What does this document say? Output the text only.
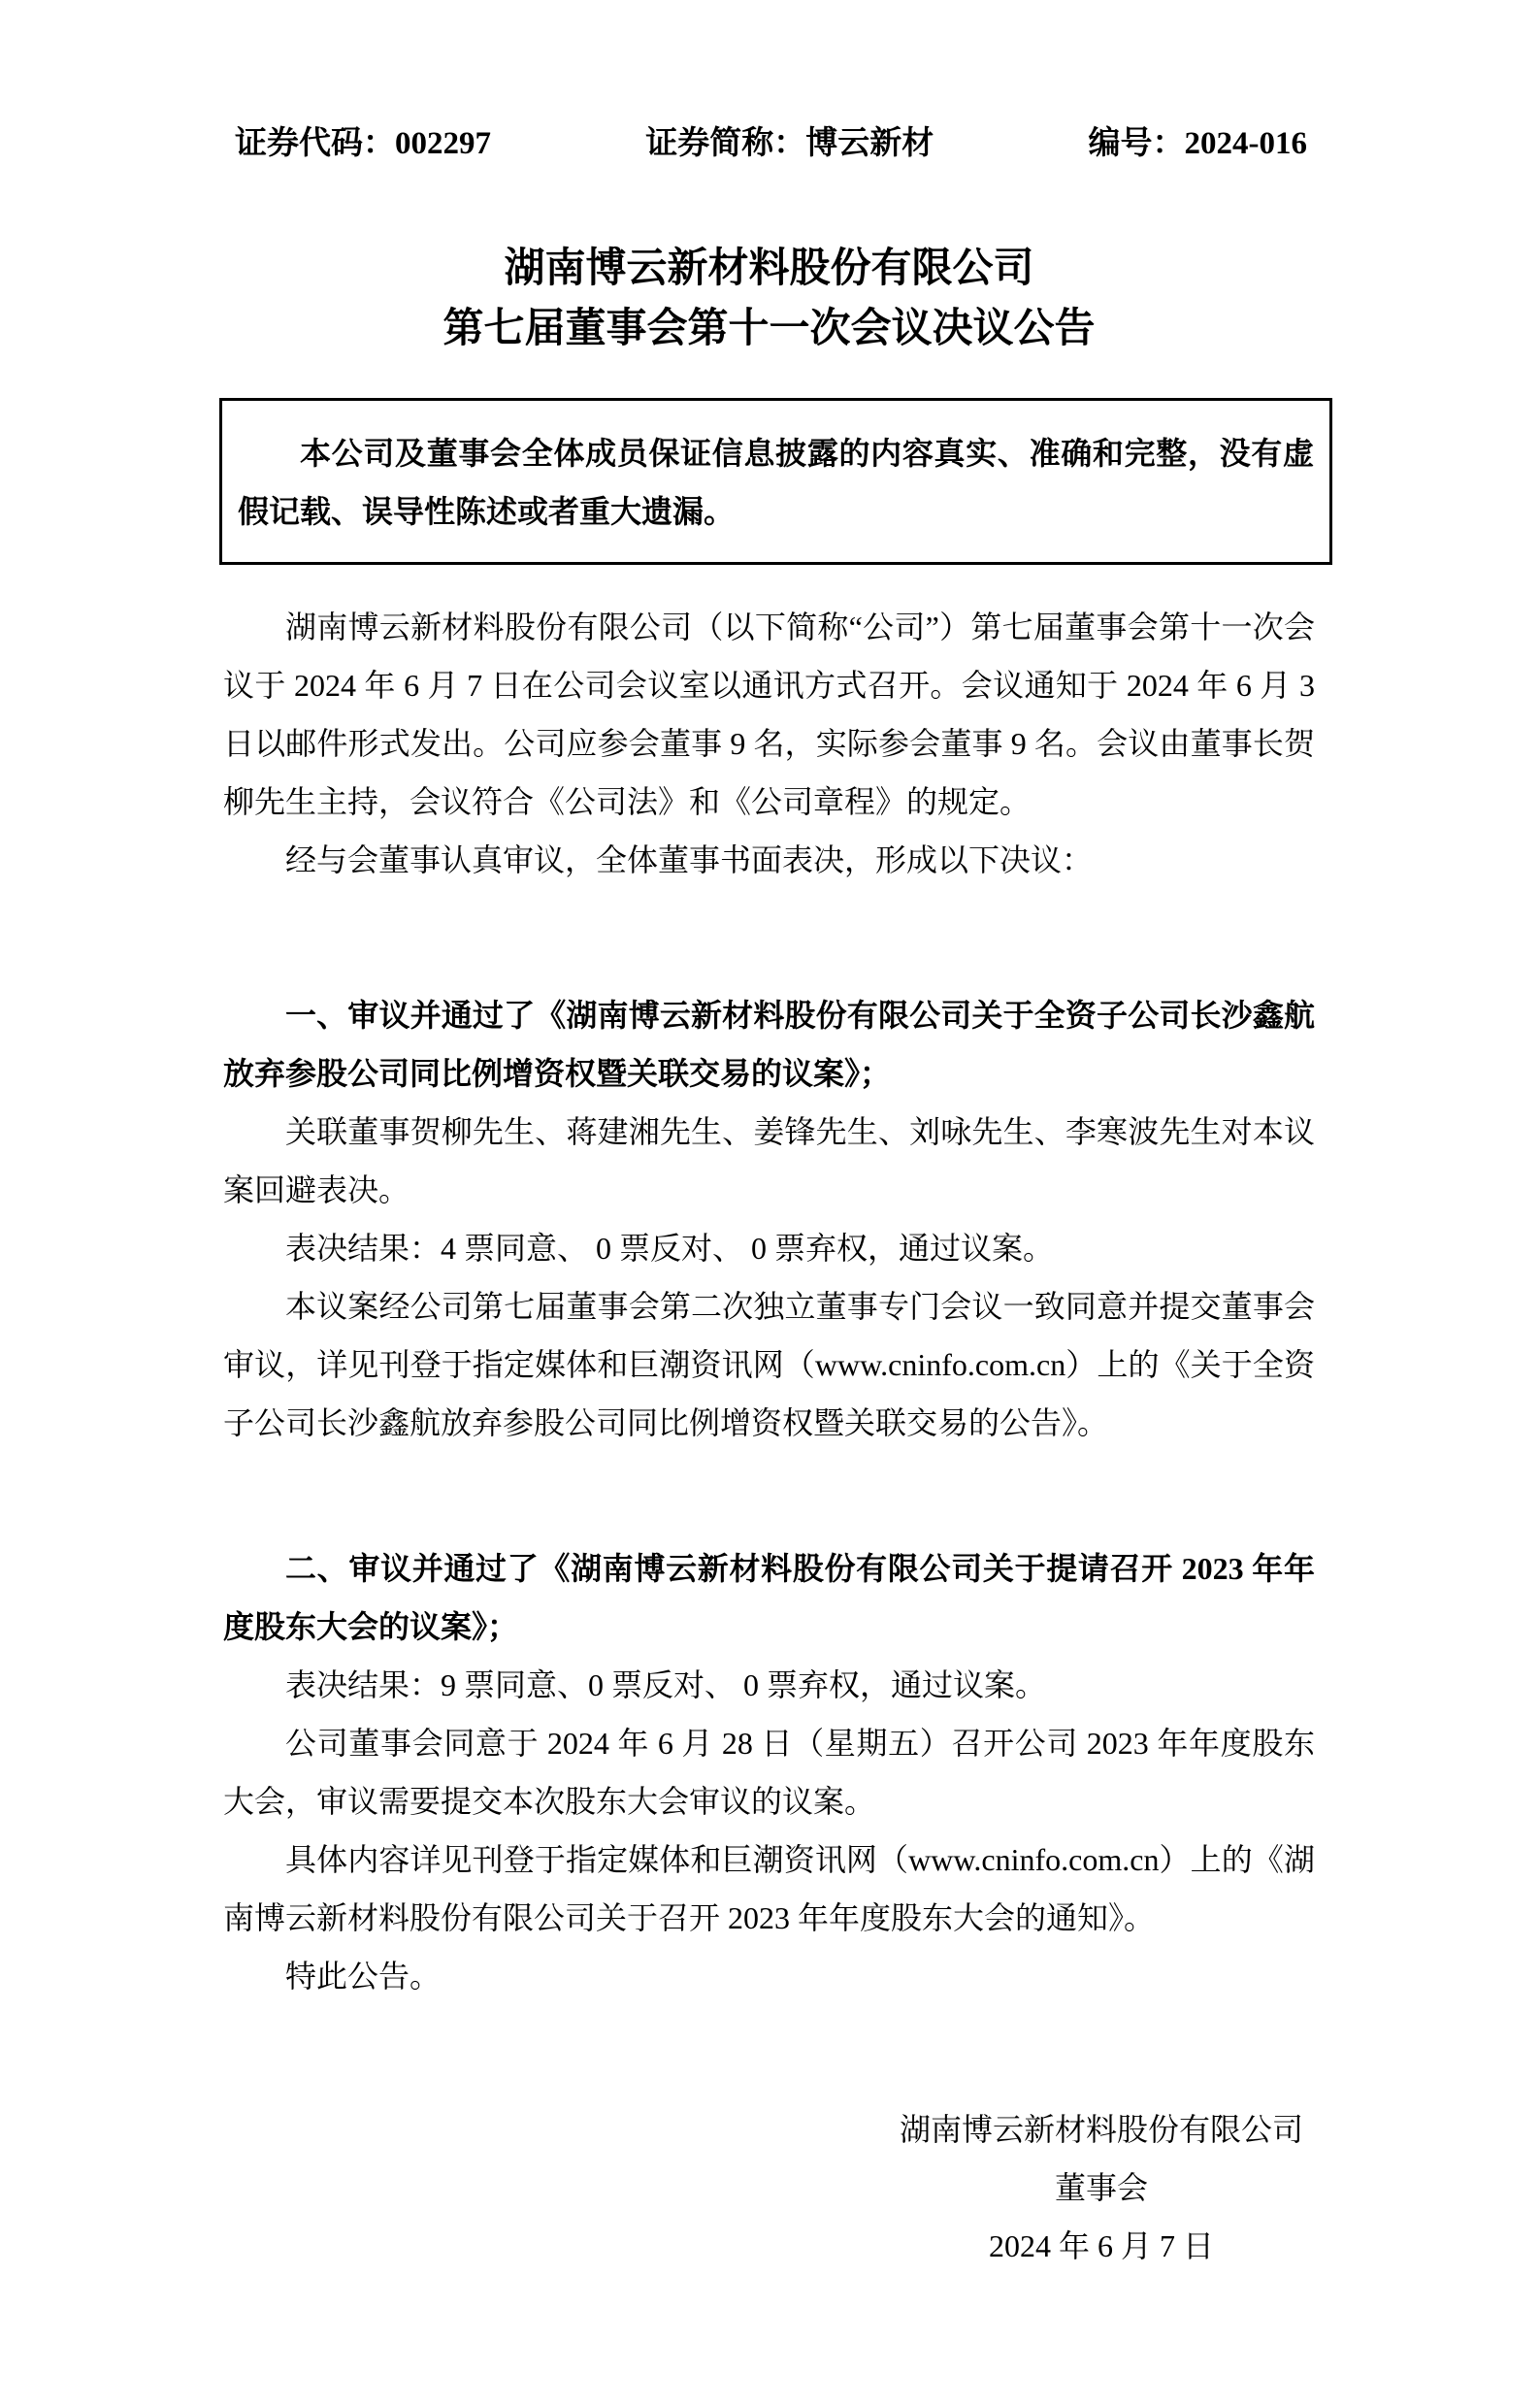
证券代码：002297	证券简称：博云新材	编号：2024-016
湖南博云新材料股份有限公司
第七届董事会第十一次会议决议公告

本公司及董事会全体成员保证信息披露的内容真实、准确和完整，没有虚假记载、误导性陈述或者重大遗漏。

湖南博云新材料股份有限公司（以下简称“公司”）第七届董事会第十一次会议于 2024 年 6 月 7 日在公司会议室以通讯方式召开。会议通知于 2024 年 6 月 3 日以邮件形式发出。公司应参会董事 9 名，实际参会董事 9 名。会议由董事长贺柳先生主持，会议符合《公司法》和《公司章程》的规定。

经与会董事认真审议，全体董事书面表决，形成以下决议：

一、审议并通过了《湖南博云新材料股份有限公司关于全资子公司长沙鑫航放弃参股公司同比例增资权暨关联交易的议案》；

关联董事贺柳先生、蒋建湘先生、姜锋先生、刘咏先生、李寒波先生对本议案回避表决。

表决结果：4 票同意、 0 票反对、 0 票弃权，通过议案。

本议案经公司第七届董事会第二次独立董事专门会议一致同意并提交董事会审议，详见刊登于指定媒体和巨潮资讯网（www.cninfo.com.cn）上的《关于全资子公司长沙鑫航放弃参股公司同比例增资权暨关联交易的公告》。

二、审议并通过了《湖南博云新材料股份有限公司关于提请召开 2023 年年度股东大会的议案》；

表决结果：9 票同意、0 票反对、 0 票弃权，通过议案。

公司董事会同意于 2024 年 6 月 28 日（星期五）召开公司 2023 年年度股东大会，审议需要提交本次股东大会审议的议案。

具体内容详见刊登于指定媒体和巨潮资讯网（www.cninfo.com.cn）上的《湖南博云新材料股份有限公司关于召开 2023 年年度股东大会的通知》。

特此公告。

湖南博云新材料股份有限公司
董事会
2024 年 6 月 7 日
